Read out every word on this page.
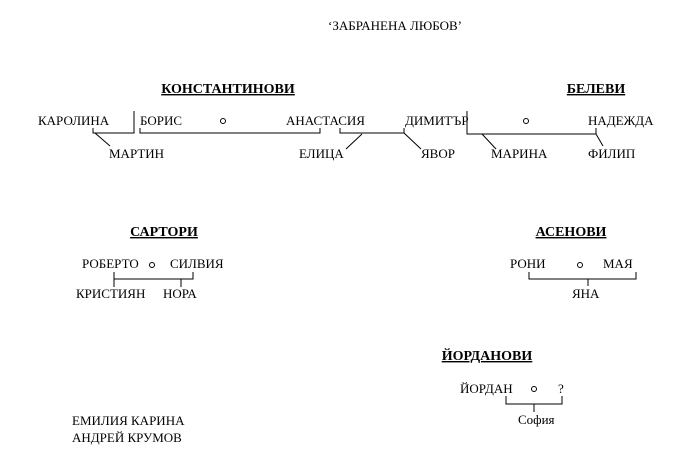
‘ЗАБРАНЕНА ЛЮБОВ’
КОНСТАНТИНОВИ	БЕЛЕВИ
КАРОЛИНА БОРИС	АНАСТАСИЯ	ДИМИТЪР	НАДЕЖДА
МАРТИН	ЕЛИЦА	ЯВОР	МАРИНА	ФИЛИП
САРТОРИ
РОБЕРТО СИЛВИЯ
КРИСТИЯН НОРА
АСЕНОВИ
РОНИ	МАЯ
ЯНА
ЙОРДАНОВИ
ЙОРДАН	?
София
ЕМИЛИЯ КАРИНА
АНДРЕЙ КРУМОВ
